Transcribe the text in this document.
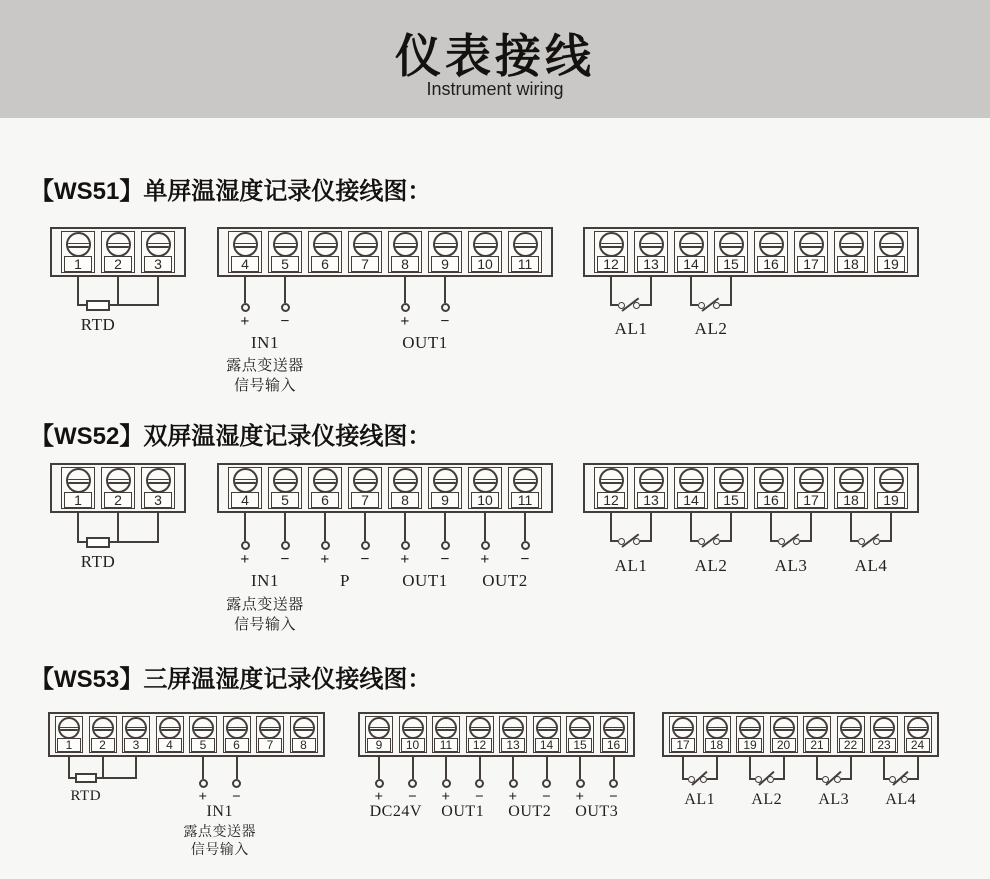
仪表接线
Instrument wiring
【WS51】单屏温湿度记录仪接线图：
1	2	3	4	5	6	7	8	9	10	11	12	13	14	15	16	17	18	19
RTD	+ −
IN1
露点变送器
信号输入
+ −
OUT1
AL1	AL2
【WS52】双屏温湿度记录仪接线图：
1	2	3	4	5	6	7	8	9	10	11	12	13	14	15	16	17	18	19
RTD	+ −
IN1
露点变送器
信号输入
+ −
P
+ −
OUT1
+ −
OUT2
AL1	AL2	AL3	AL4
【WS53】三屏温湿度记录仪接线图：
1	2	3	4	5	6	7	8	9	10	11	12	13	14	15	16	17	18	19	20	21	22	23	24
RTD	+ −
IN1
露点变送器
信号输入
+ −
DC24V
+ −
OUT1
+ −
OUT2
+ −
OUT3
AL1 AL2 AL3 AL4
